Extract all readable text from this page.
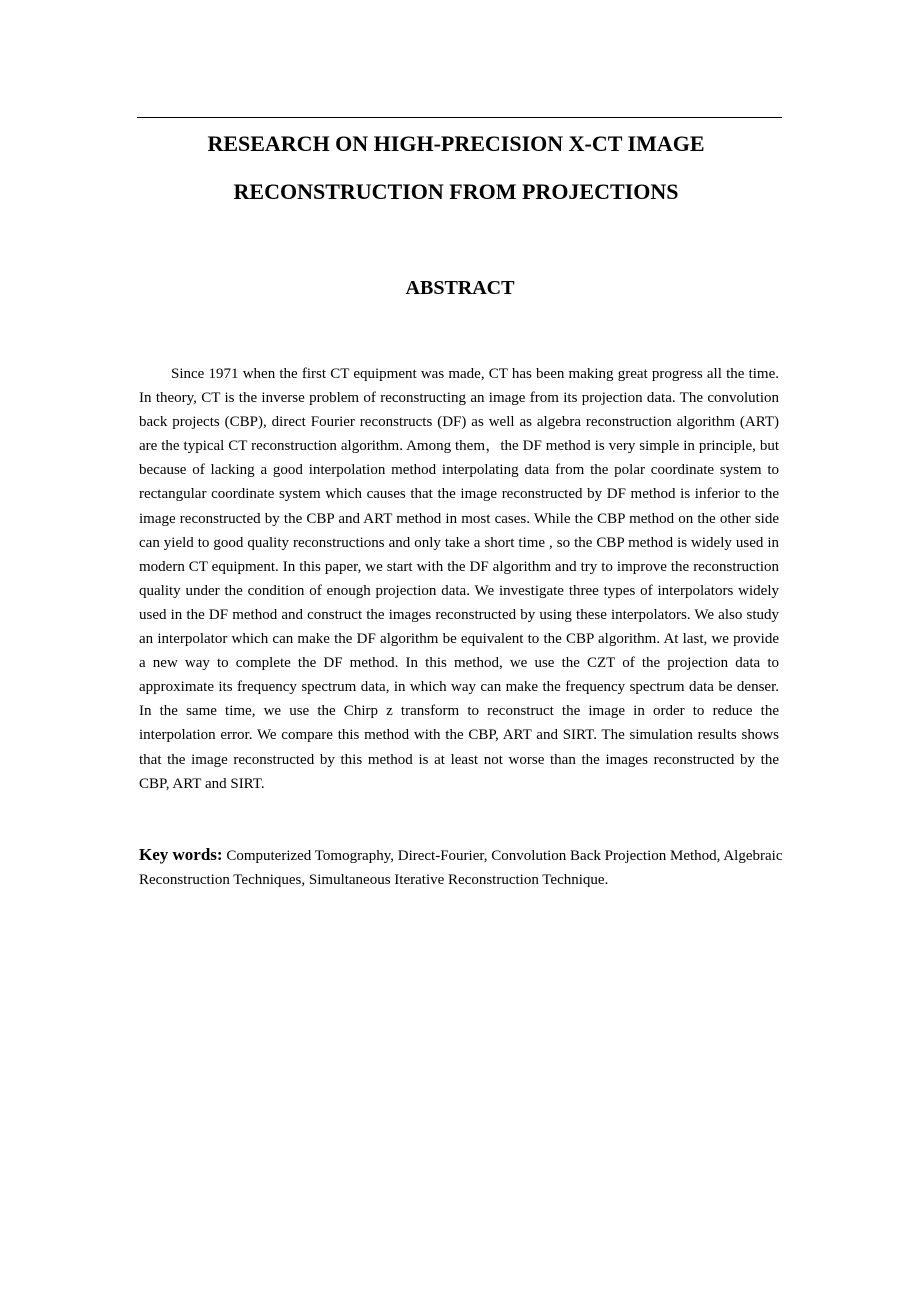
RESEARCH ON HIGH-PRECISION X-CT IMAGE
RECONSTRUCTION FROM PROJECTIONS
ABSTRACT

Since 1971 when the first CT equipment was made, CT has been making great progress all the time. In theory, CT is the inverse problem of reconstructing an image from its projection data. The convolution back projects (CBP), direct Fourier reconstructs (DF) as well as algebra reconstruction algorithm (ART) are the typical CT reconstruction algorithm. Among them，the DF method is very simple in principle, but because of lacking a good interpolation method interpolating data from the polar coordinate system to rectangular coordinate system which causes that the image reconstructed by DF method is inferior to the image reconstructed by the CBP and ART method in most cases. While the CBP method on the other side can yield to good quality reconstructions and only take a short time , so the CBP method is widely used in modern CT equipment. In this paper, we start with the DF algorithm and try to improve the reconstruction quality under the condition of enough projection data. We investigate three types of interpolators widely used in the DF method and construct the images reconstructed by using these interpolators. We also study an interpolator which can make the DF algorithm be equivalent to the CBP algorithm. At last, we provide a new way to complete the DF method. In this method, we use the CZT of the projection data to approximate its frequency spectrum data, in which way can make the frequency spectrum data be denser. In the same time, we use the Chirp z transform to reconstruct the image in order to reduce the interpolation error. We compare this method with the CBP, ART and SIRT. The simulation results shows that the image reconstructed by this method is at least not worse than the images reconstructed by the CBP, ART and SIRT.

Key words: Computerized Tomography, Direct-Fourier, Convolution Back Projection Method, Algebraic Reconstruction Techniques, Simultaneous Iterative Reconstruction Technique.
